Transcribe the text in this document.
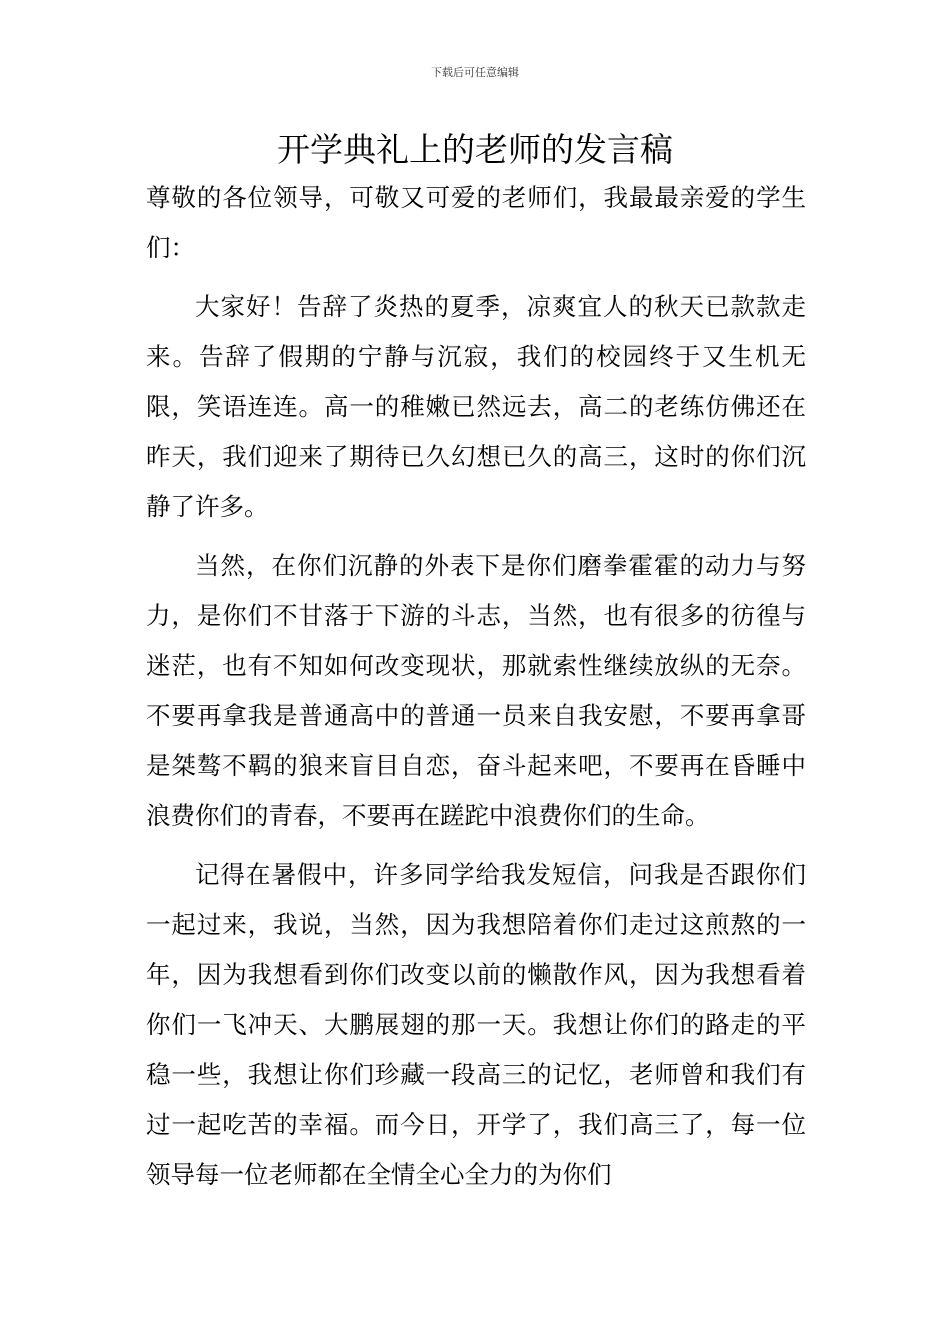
下载后可任意编辑
开学典礼上的老师的发言稿

尊敬的各位领导，可敬又可爱的老师们，我最最亲爱的学生们：

大家好！告辞了炎热的夏季，凉爽宜人的秋天已款款走来。告辞了假期的宁静与沉寂，我们的校园终于又生机无限，笑语连连。高一的稚嫩已然远去，高二的老练仿佛还在昨天，我们迎来了期待已久幻想已久的高三，这时的你们沉静了许多。

当然，在你们沉静的外表下是你们磨拳霍霍的动力与努力，是你们不甘落于下游的斗志，当然，也有很多的彷徨与迷茫，也有不知如何改变现状，那就索性继续放纵的无奈。不要再拿我是普通高中的普通一员来自我安慰，不要再拿哥是桀骜不羁的狼来盲目自恋，奋斗起来吧，不要再在昏睡中浪费你们的青春，不要再在蹉跎中浪费你们的生命。

记得在暑假中，许多同学给我发短信，问我是否跟你们一起过来，我说，当然，因为我想陪着你们走过这煎熬的一年，因为我想看到你们改变以前的懒散作风，因为我想看着你们一飞冲天、大鹏展翅的那一天。我想让你们的路走的平稳一些，我想让你们珍藏一段高三的记忆，老师曾和我们有过一起吃苦的幸福。而今日，开学了，我们高三了，每一位领导每一位老师都在全情全心全力的为你们
